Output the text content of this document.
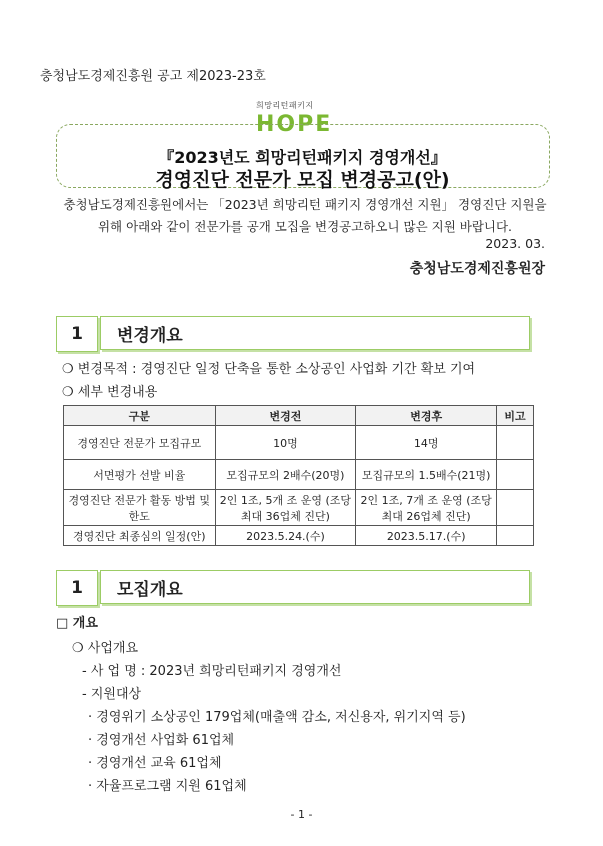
충청남도경제진흥원 공고 제2023-23호
희망리턴패키지
HOPE
『2023년도 희망리턴패키지 경영개선』
경영진단 전문가 모집 변경공고(안)
충청남도경제진흥원에서는 「2023년 희망리턴 패키지 경영개선 지원」 경영진단 지원을
위해 아래와 같이 전문가를 공개 모집을 변경공고하오니 많은 지원 바랍니다.
2023. 03.
충청남도경제진흥원장
1	변경개요
❍ 변경목적 : 경영진단 일정 단축을 통한 소상공인 사업화 기간 확보 기여
❍ 세부 변경내용
구분	변경전	변경후	비고
경영진단 전문가 모집규모	10명	14명	
서면평가 선발 비율	모집규모의 2배수(20명)	모집규모의 1.5배수(21명)	
경영진단 전문가 활동 방법 및 한도	2인 1조, 5개 조 운영 (조당 최대 36업체 진단)	2인 1조, 7개 조 운영 (조당 최대 26업체 진단)	
경영진단 최종심의 일정(안)	2023.5.24.(수)	2023.5.17.(수)	
1	모집개요
□ 개요
❍ 사업개요
- 사 업 명 : 2023년 희망리턴패키지 경영개선
- 지원대상
· 경영위기 소상공인 179업체(매출액 감소, 저신용자, 위기지역 등)
· 경영개선 사업화 61업체
· 경영개선 교육 61업체
· 자율프로그램 지원 61업체
- 1 -
